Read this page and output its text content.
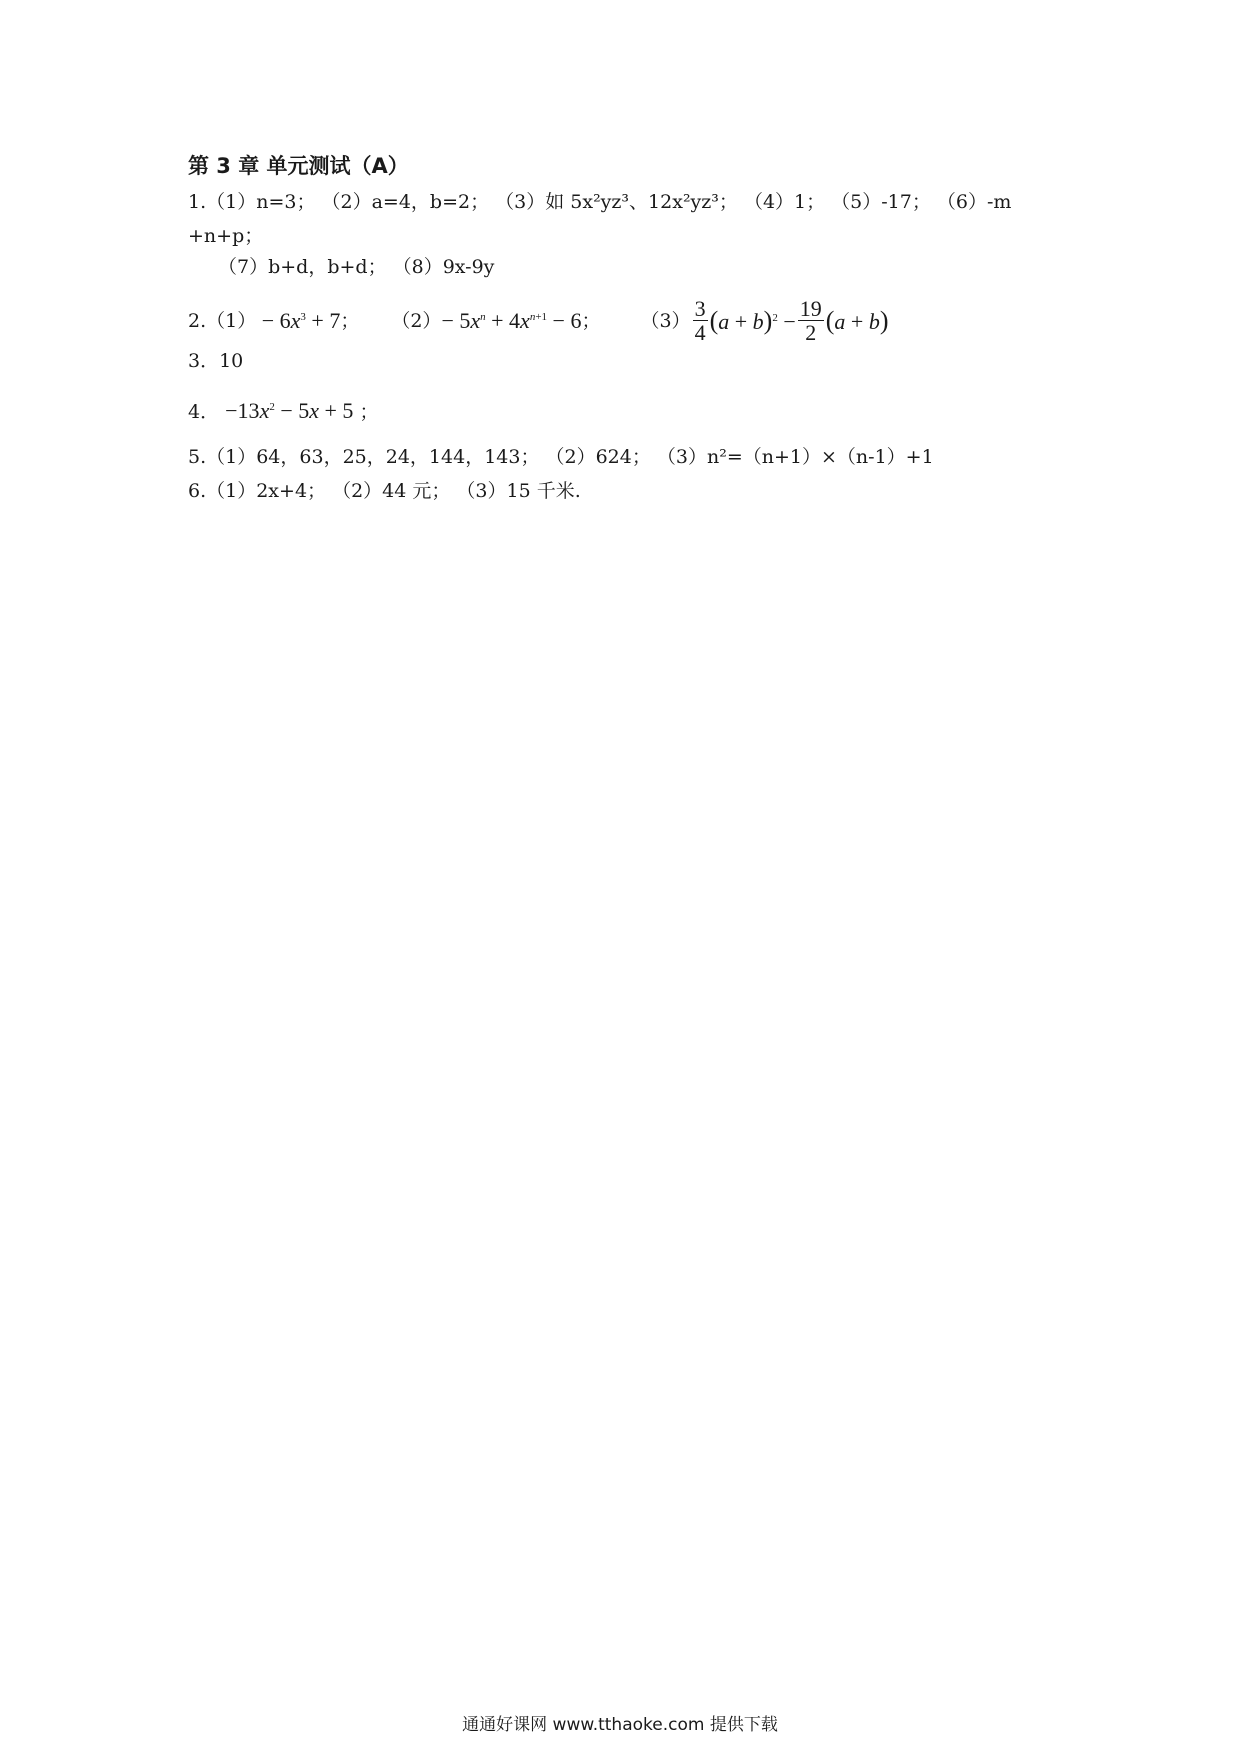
第 3 章 单元测试（A）
1.（1）n=3； （2）a=4，b=2； （3）如 5x²yz³、12x²yz³； （4）1； （5）-17； （6）-m
+n+p；
（7）b+d，b+d； （8）9x-9y
$2.(1) - 6x^3 + 7$ ； $(2) - 5x^n + 4x^{n+1} - 6$ ； $(3) \frac{3}{4} (a + b)^2 - \frac{19}{2} (a + b)$
3．10
4． $-13x^2 - 5x + 5$ ；
5.（1）64，63，25，24，144，143； （2）624； （3）n²=（n+1）×（n-1）+1
6.（1）2x+4； （2）44 元； （3）15 千米.
通通好课网 www.tthaoke.com 提供下载
